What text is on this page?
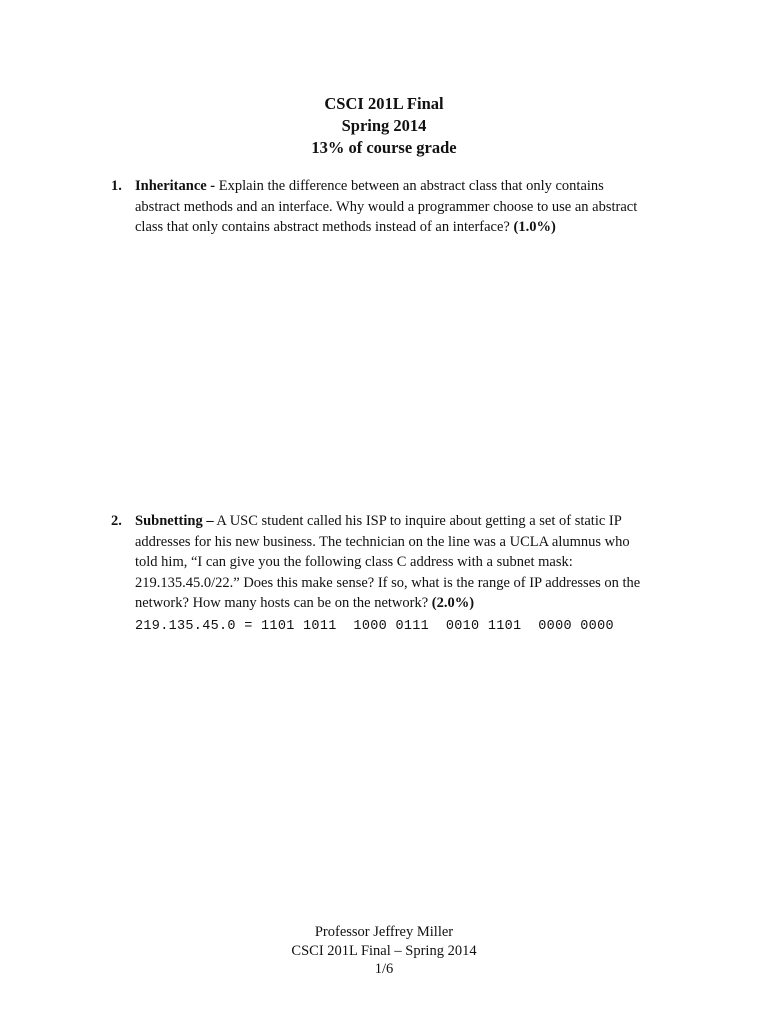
CSCI 201L Final
Spring 2014
13% of course grade
1. Inheritance - Explain the difference between an abstract class that only contains abstract methods and an interface. Why would a programmer choose to use an abstract class that only contains abstract methods instead of an interface? (1.0%)
2. Subnetting – A USC student called his ISP to inquire about getting a set of static IP addresses for his new business. The technician on the line was a UCLA alumnus who told him, “I can give you the following class C address with a subnet mask: 219.135.45.0/22.” Does this make sense? If so, what is the range of IP addresses on the network? How many hosts can be on the network? (2.0%)
219.135.45.0 = 1101 1011  1000 0111  0010 1101  0000 0000
Professor Jeffrey Miller
CSCI 201L Final – Spring 2014
1/6
